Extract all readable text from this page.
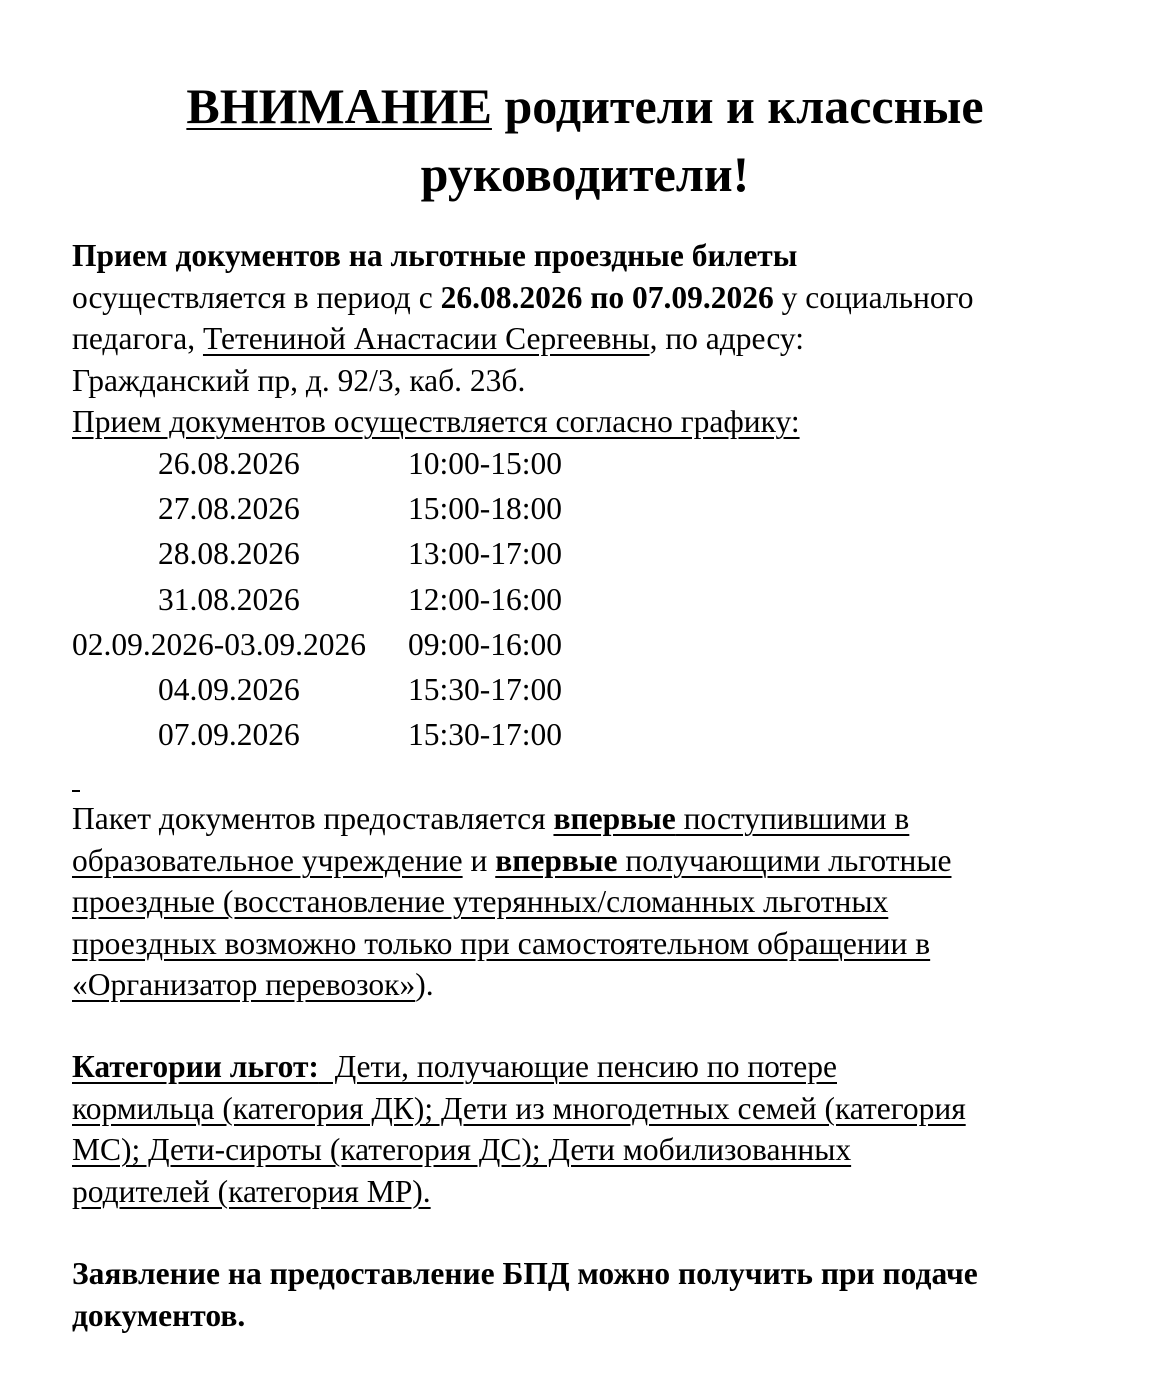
ВНИМАНИЕ родители и классные
руководители!
Прием документов на льготные проездные билеты
осуществляется в период с 26.08.2026 по 07.09.2026 у социального
педагога, Тетениной Анастасии Сергеевны, по адресу:
Гражданский пр, д. 92/3, каб. 23б.
Прием документов осуществляется согласно графику:
26.08.2026	10:00-15:00
27.08.2026	15:00-18:00
28.08.2026	13:00-17:00
31.08.2026	12:00-16:00
02.09.2026-03.09.2026 09:00-16:00
04.09.2026	15:30-17:00
07.09.2026	15:30-17:00
Пакет документов предоставляется впервые поступившими в
образовательное учреждение и впервые получающими льготные
проездные (восстановление утерянных/сломанных льготных
проездных возможно только при самостоятельном обращении в
«Организатор перевозок»).
Категории льгот:  Дети, получающие пенсию по потере
кормильца (категория ДК); Дети из многодетных семей (категория
МС); Дети-сироты (категория ДС); Дети мобилизованных
родителей (категория МР).
Заявление на предоставление БПД можно получить при подаче
документов.
